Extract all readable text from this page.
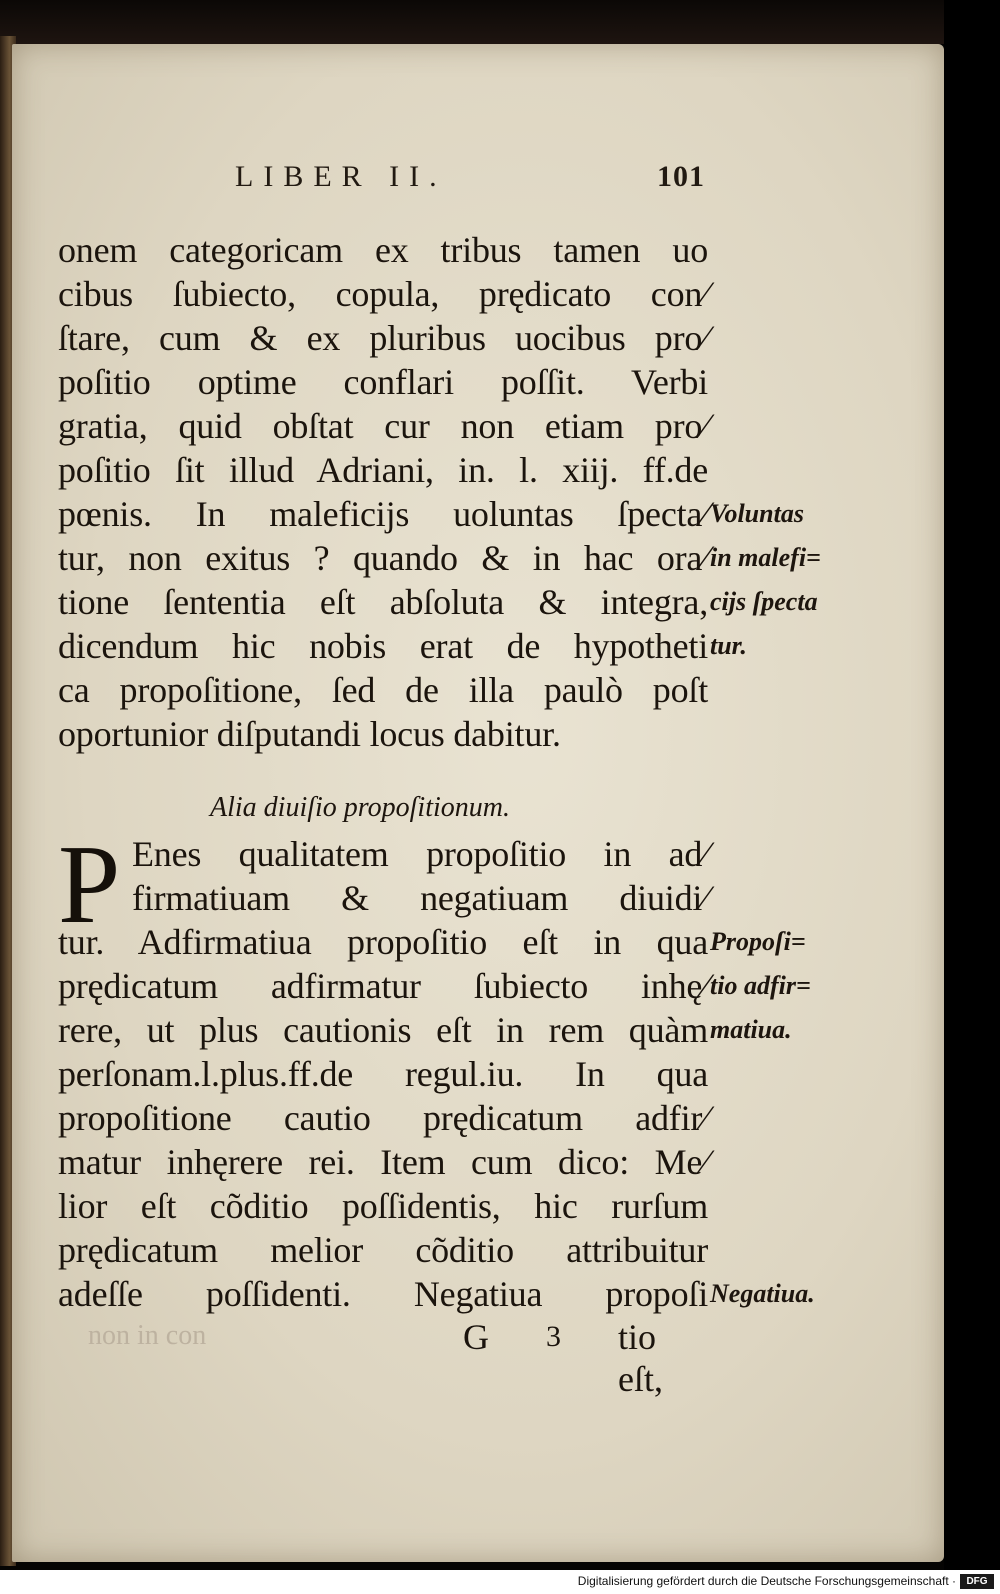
LIBER II.	101
onem categoricam ex tribus tamen uo
cibus ſubiecto, copula, prędicato con⁄
ſtare, cum & ex pluribus uocibus pro⁄
poſitio optime conflari poſſit. Verbi
gratia, quid obſtat cur non etiam pro⁄
poſitio ſit illud Adriani, in. l. xiij. ff.de
pœnis. In maleficijs uoluntas ſpecta⁄
tur, non exitus ? quando & in hac ora⁄
tione ſententia eſt abſoluta & integra,
dicendum hic nobis erat de hypotheti
ca propoſitione, ſed de illa paulò poſt
oportunior diſputandi locus dabitur.
Voluntas
in malefi=
cijs ſpecta
tur.
Alia diuiſio propoſitionum.
P Enes qualitatem propoſitio in ad⁄
firmatiuam & negatiuam diuidi⁄
tur. Adfirmatiua propoſitio eſt in qua
prędicatum adfirmatur ſubiecto inhę⁄
rere, ut plus cautionis eſt in rem quàm
perſonam.l.plus.ff.de regul.iu. In qua
propoſitione cautio prędicatum adfir⁄
matur inhęrere rei. Item cum dico: Me⁄
lior eſt cõditio poſſidentis, hic rurſum
prędicatum melior cõditio attribuitur
adeſſe poſſidenti. Negatiua propoſi
Propoſi=
tio adfir=
matiua.
Negatiua.
non in con	G 3 tio eſt,
Digitalisierung gefördert durch die Deutsche Forschungsgemeinschaft ·	DFG
